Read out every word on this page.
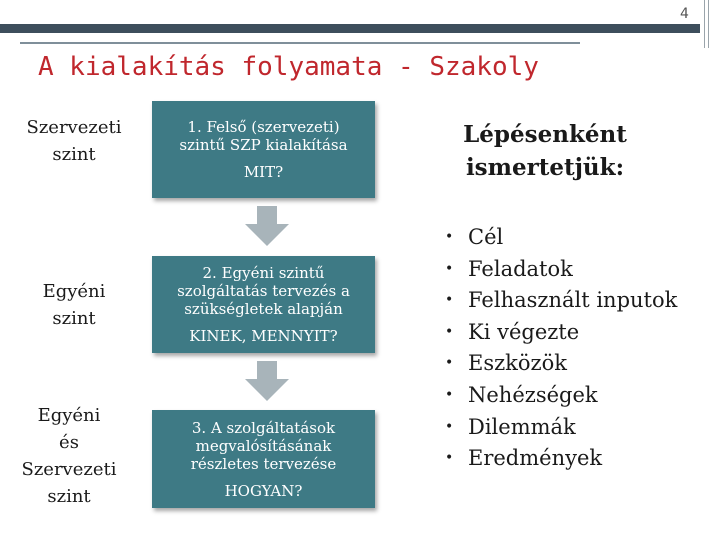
4
A kialakítás folyamata - Szakoly
Szervezeti
szint
Egyéni
szint
Egyéni
és
Szervezeti
szint
1. Felső (szervezeti)
szintű SZP kialakítása
MIT?
2. Egyéni szintű
szolgáltatás tervezés a
szükségletek alapján
KINEK, MENNYIT?
3. A szolgáltatások
megvalósításának
részletes tervezése
HOGYAN?
Lépésenként
ismertetjük:
• Cél
• Feladatok
• Felhasznált inputok
• Ki végezte
• Eszközök
• Nehézségek
• Dilemmák
• Eredmények
